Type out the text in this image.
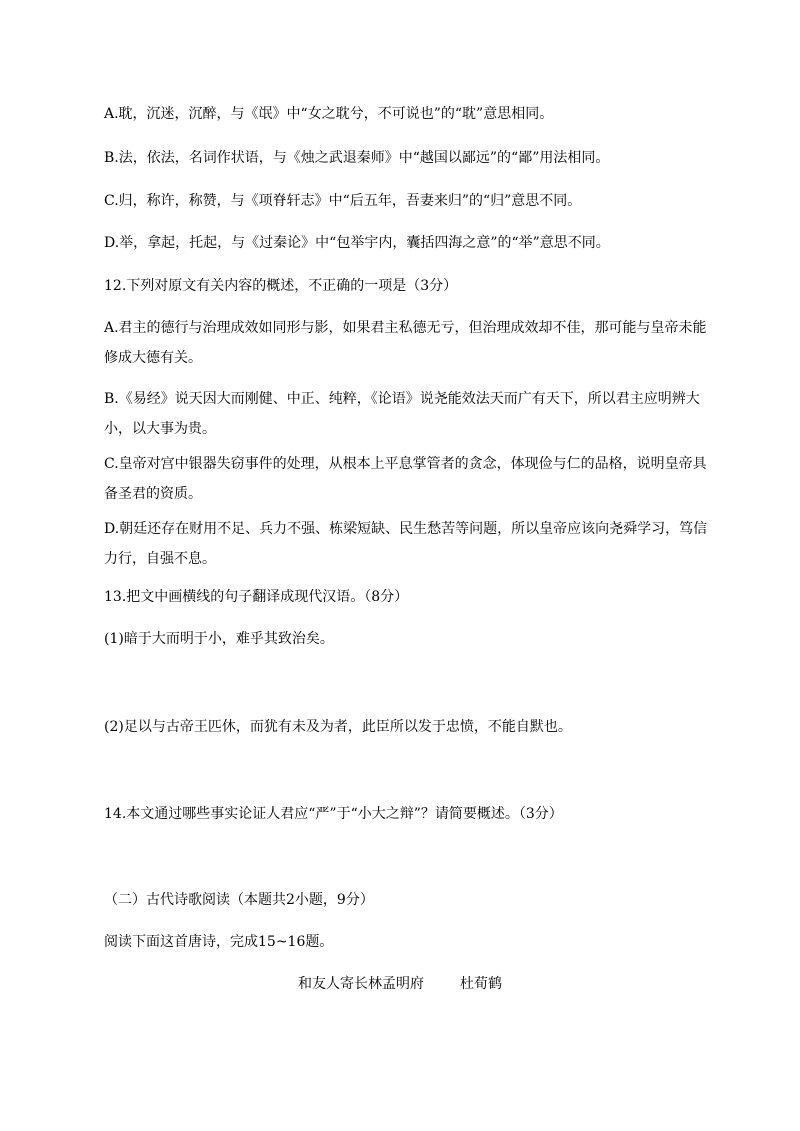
A.耽，沉迷，沉醉，与《氓》中“女之耽兮，不可说也”的“耽”意思相同。
B.法，依法，名词作状语，与《烛之武退秦师》中“越国以鄙远”的“鄙”用法相同。
C.归，称许，称赞，与《项脊轩志》中“后五年，吾妻来归”的“归”意思不同。
D.举，拿起，托起，与《过秦论》中“包举宇内，囊括四海之意”的“举”意思不同。
12.下列对原文有关内容的概述，不正确的一项是（3分）
A.君主的德行与治理成效如同形与影，如果君主私德无亏，但治理成效却不佳，那可能与皇帝未能修成大德有关。
B.《易经》说天因大而刚健、中正、纯粹，《论语》说尧能效法天而广有天下，所以君主应明辨大小，以大事为贵。
C.皇帝对宫中银器失窃事件的处理，从根本上平息掌管者的贪念，体现俭与仁的品格，说明皇帝具备圣君的资质。
D.朝廷还存在财用不足、兵力不强、栋梁短缺、民生愁苦等问题，所以皇帝应该向尧舜学习，笃信力行，自强不息。
13.把文中画横线的句子翻译成现代汉语。（8分）
(1)暗于大而明于小，难乎其致治矣。
(2)足以与古帝王匹休，而犹有未及为者，此臣所以发于忠愤，不能自默也。
14.本文通过哪些事实论证人君应“严”于“小大之辩”？请简要概述。（3分）
（二）古代诗歌阅读（本题共2小题，9分）
阅读下面这首唐诗，完成15~16题。
和友人寄长林孟明府	杜荀鹤
